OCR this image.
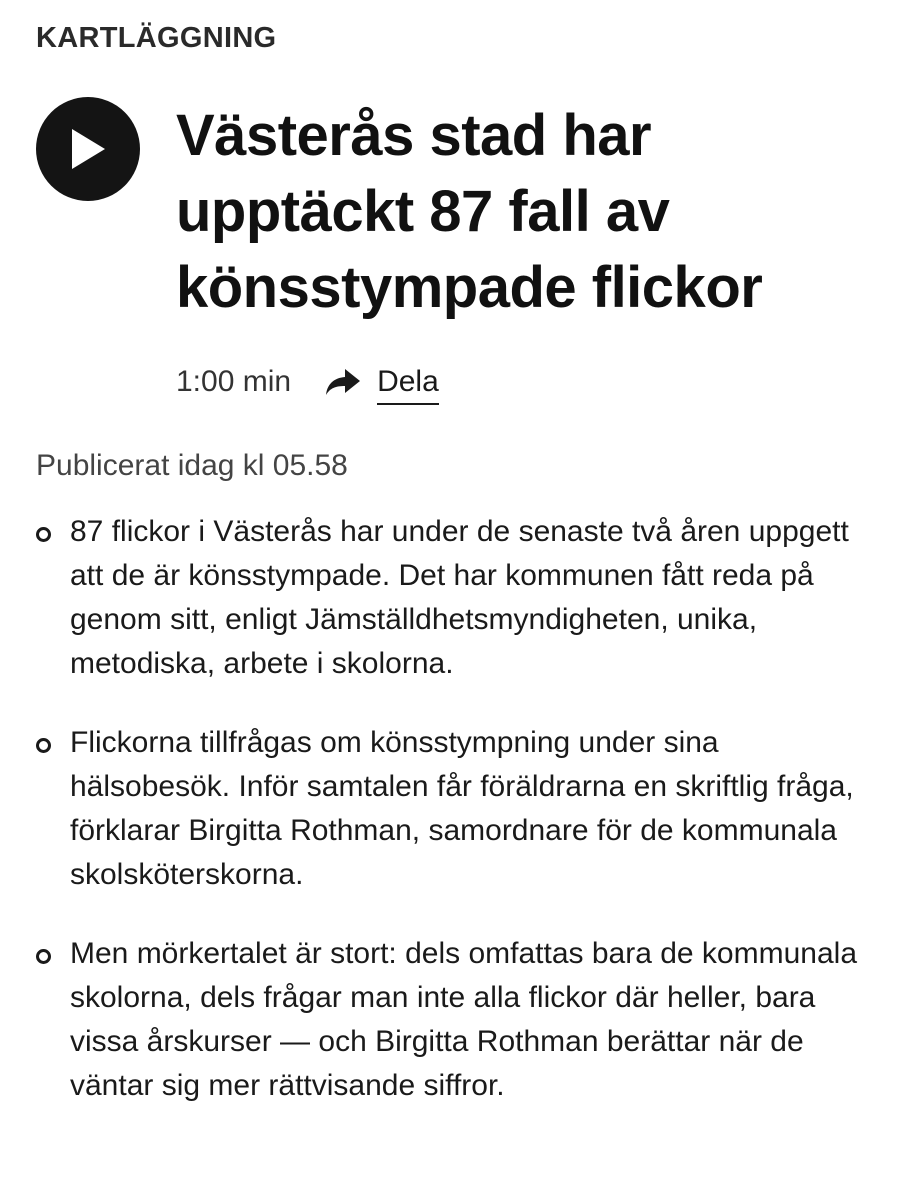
KARTLÄGGNING
Västerås stad har upptäckt 87 fall av könsstympade flickor
1:00 min	Dela
Publicerat idag kl 05.58
87 flickor i Västerås har under de senaste två åren uppgett att de är könsstympade. Det har kommunen fått reda på genom sitt, enligt Jämställdhetsmyndigheten, unika, metodiska, arbete i skolorna.
Flickorna tillfrågas om könsstympning under sina hälsobesök. Inför samtalen får föräldrarna en skriftlig fråga, förklarar Birgitta Rothman, samordnare för de kommunala skolsköterskorna.
Men mörkertalet är stort: dels omfattas bara de kommunala skolorna, dels frågar man inte alla flickor där heller, bara vissa årskurser — och Birgitta Rothman berättar när de väntar sig mer rättvisande siffror.
